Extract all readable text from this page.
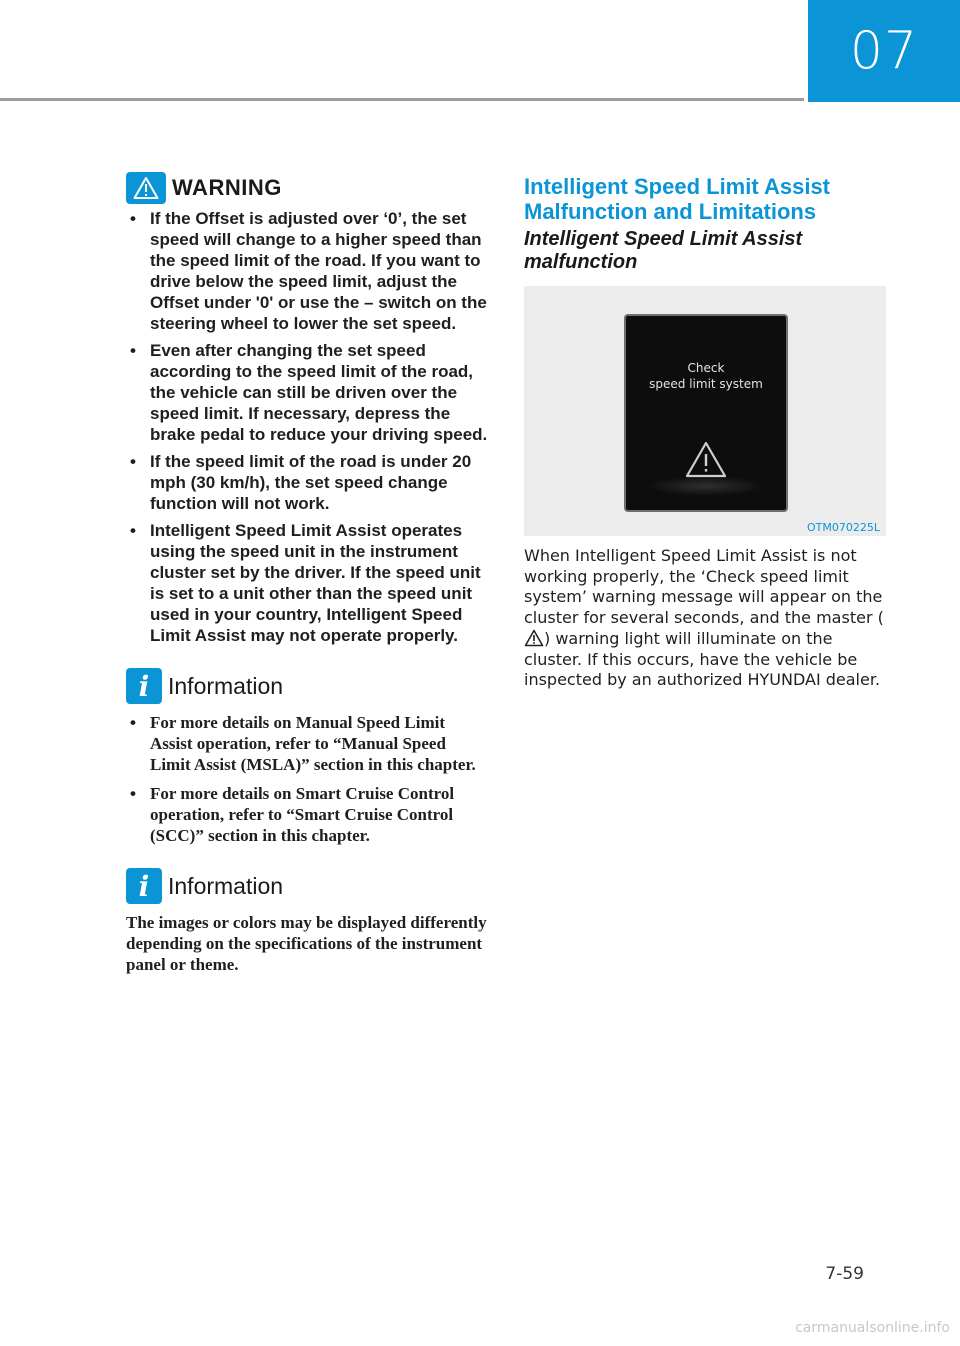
07
WARNING
• If the Offset is adjusted over ‘0’, the set speed will change to a higher speed than the speed limit of the road. If you want to drive below the speed limit, adjust the Offset under '0' or use the – switch on the steering wheel to lower the set speed.
• Even after changing the set speed according to the speed limit of the road, the vehicle can still be driven over the speed limit. If necessary, depress the brake pedal to reduce your driving speed.
• If the speed limit of the road is under 20 mph (30 km/h), the set speed change function will not work.
• Intelligent Speed Limit Assist operates using the speed unit in the instrument cluster set by the driver. If the speed unit is set to a unit other than the speed unit used in your country, Intelligent Speed Limit Assist may not operate properly.
i Information
• For more details on Manual Speed Limit Assist operation, refer to “Manual Speed Limit Assist (MSLA)” section in this chapter.
• For more details on Smart Cruise Control operation, refer to “Smart Cruise Control (SCC)” section in this chapter.
i Information

The images or colors may be displayed differently depending on the specifications of the instrument panel or theme.

Intelligent Speed Limit Assist Malfunction and Limitations
Intelligent Speed Limit Assist malfunction
Check
speed limit system
OTM070225L

When Intelligent Speed Limit Assist is not working properly, the ‘Check speed limit system’ warning message will appear on the cluster for several seconds, and the master () warning light will illuminate on the cluster. If this occurs, have the vehicle be inspected by an authorized HYUNDAI dealer.

7-59
carmanualsonline.info
